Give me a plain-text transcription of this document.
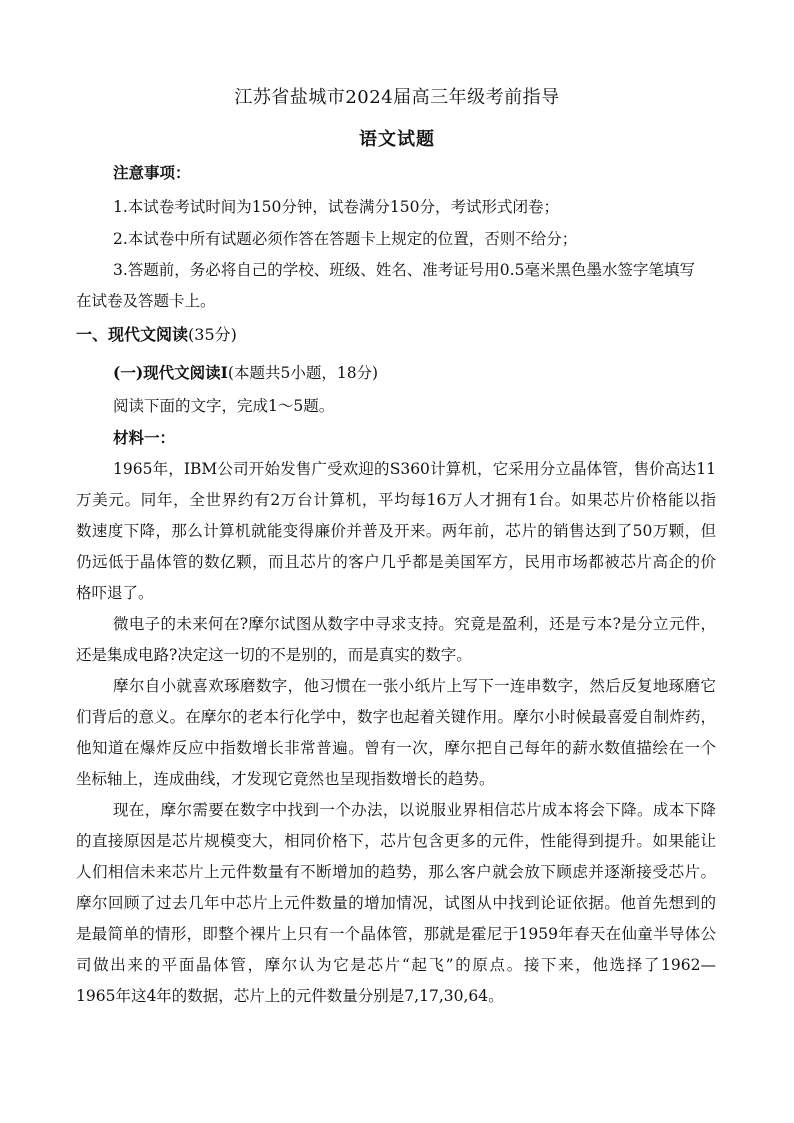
江苏省盐城市2024届高三年级考前指导
语文试题
注意事项：
1.本试卷考试时间为150分钟，试卷满分150分，考试形式闭卷；
2.本试卷中所有试题必须作答在答题卡上规定的位置，否则不给分；
3.答题前，务必将自己的学校、班级、姓名、准考证号用0.5毫米黑色墨水签字笔填写
在试卷及答题卡上。
一、现代文阅读(35分)
(一)现代文阅读Ⅰ(本题共5小题，18分)
阅读下面的文字，完成1～5题。
材料一：
1965年，IBM公司开始发售广受欢迎的S360计算机，它采用分立晶体管，售价高达11
万美元。同年，全世界约有2万台计算机，平均每16万人才拥有1台。如果芯片价格能以指
数速度下降，那么计算机就能变得廉价并普及开来。两年前，芯片的销售达到了50万颗，但
仍远低于晶体管的数亿颗，而且芯片的客户几乎都是美国军方，民用市场都被芯片高企的价
格吓退了。
微电子的未来何在?摩尔试图从数字中寻求支持。究竟是盈利，还是亏本?是分立元件，
还是集成电路?决定这一切的不是别的，而是真实的数字。
摩尔自小就喜欢琢磨数字，他习惯在一张小纸片上写下一连串数字，然后反复地琢磨它
们背后的意义。在摩尔的老本行化学中，数字也起着关键作用。摩尔小时候最喜爱自制炸药，
他知道在爆炸反应中指数增长非常普遍。曾有一次，摩尔把自己每年的薪水数值描绘在一个
坐标轴上，连成曲线，才发现它竟然也呈现指数增长的趋势。
现在，摩尔需要在数字中找到一个办法，以说服业界相信芯片成本将会下降。成本下降
的直接原因是芯片规模变大，相同价格下，芯片包含更多的元件，性能得到提升。如果能让
人们相信未来芯片上元件数量有不断增加的趋势，那么客户就会放下顾虑并逐渐接受芯片。
摩尔回顾了过去几年中芯片上元件数量的增加情况，试图从中找到论证依据。他首先想到的
是最简单的情形，即整个裸片上只有一个晶体管，那就是霍尼于1959年春天在仙童半导体公
司做出来的平面晶体管，摩尔认为它是芯片“起飞”的原点。接下来，他选择了1962—
1965年这4年的数据，芯片上的元件数量分别是7,17,30,64。
